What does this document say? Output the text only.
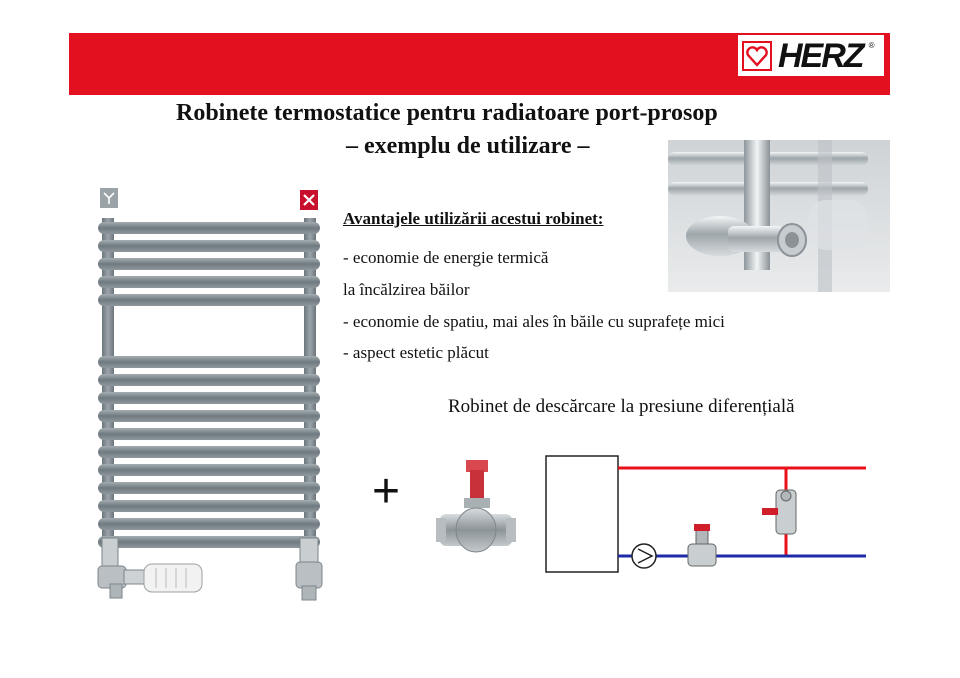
HERZ ®
Robinete termostatice pentru radiatoare port-prosop
– exemplu de utilizare –
Avantajele utilizării acestui robinet:
- economie de energie termică
la încălzirea băilor
- economie de spatiu, mai ales în băile cu suprafețe mici
- aspect estetic plăcut
Robinet de descărcare la presiune diferențială
+
